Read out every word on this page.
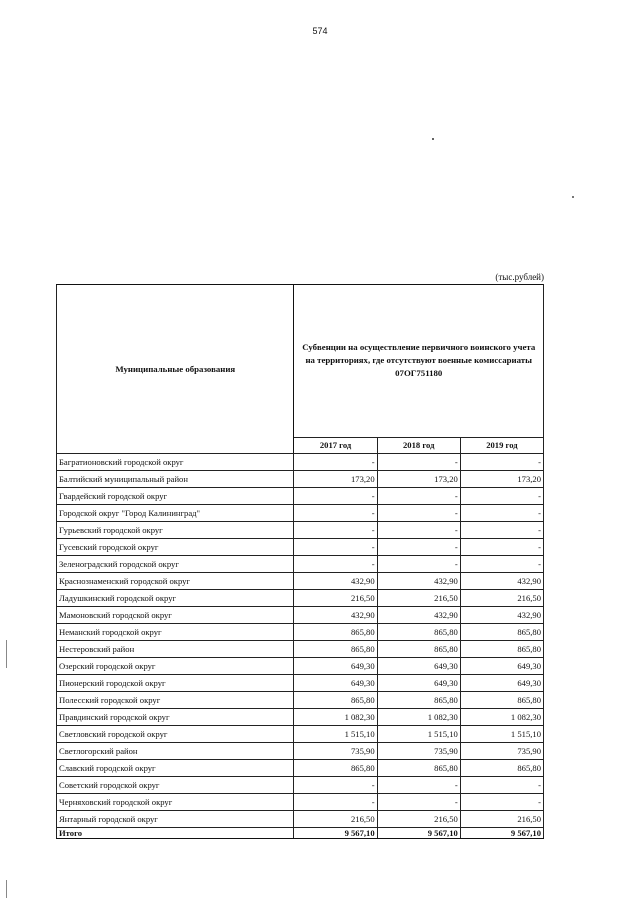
574
(тыс.рублей)
Муниципальные образования	Субвенции на осуществление первичного воинского учета на территориях, где отсутствуют военные комиссариаты 07ОГ751180		
	2017 год	2018 год	2019 год
Багратионовский городской округ	-	-	-
Балтийский муниципальный район	173,20	173,20	173,20
Гвардейский городской округ	-	-	-
Городской округ "Город Калининград"	-	-	-
Гурьевский городской округ	-	-	-
Гусевский городской округ	-	-	-
Зеленоградский городской округ	-	-	-
Краснознаменский городской округ	432,90	432,90	432,90
Ладушкинский городской округ	216,50	216,50	216,50
Мамоновский городской округ	432,90	432,90	432,90
Неманский городской округ	865,80	865,80	865,80
Нестеровский район	865,80	865,80	865,80
Озерский городской округ	649,30	649,30	649,30
Пионерский городской округ	649,30	649,30	649,30
Полесский городской округ	865,80	865,80	865,80
Правдинский городской округ	1 082,30	1 082,30	1 082,30
Светловский городской округ	1 515,10	1 515,10	1 515,10
Светлогорский район	735,90	735,90	735,90
Славский городской округ	865,80	865,80	865,80
Советский городской округ	-	-	-
Черняховский городской округ	-	-	-
Янтарный городской округ	216,50	216,50	216,50
Итого	9 567,10	9 567,10	9 567,10
